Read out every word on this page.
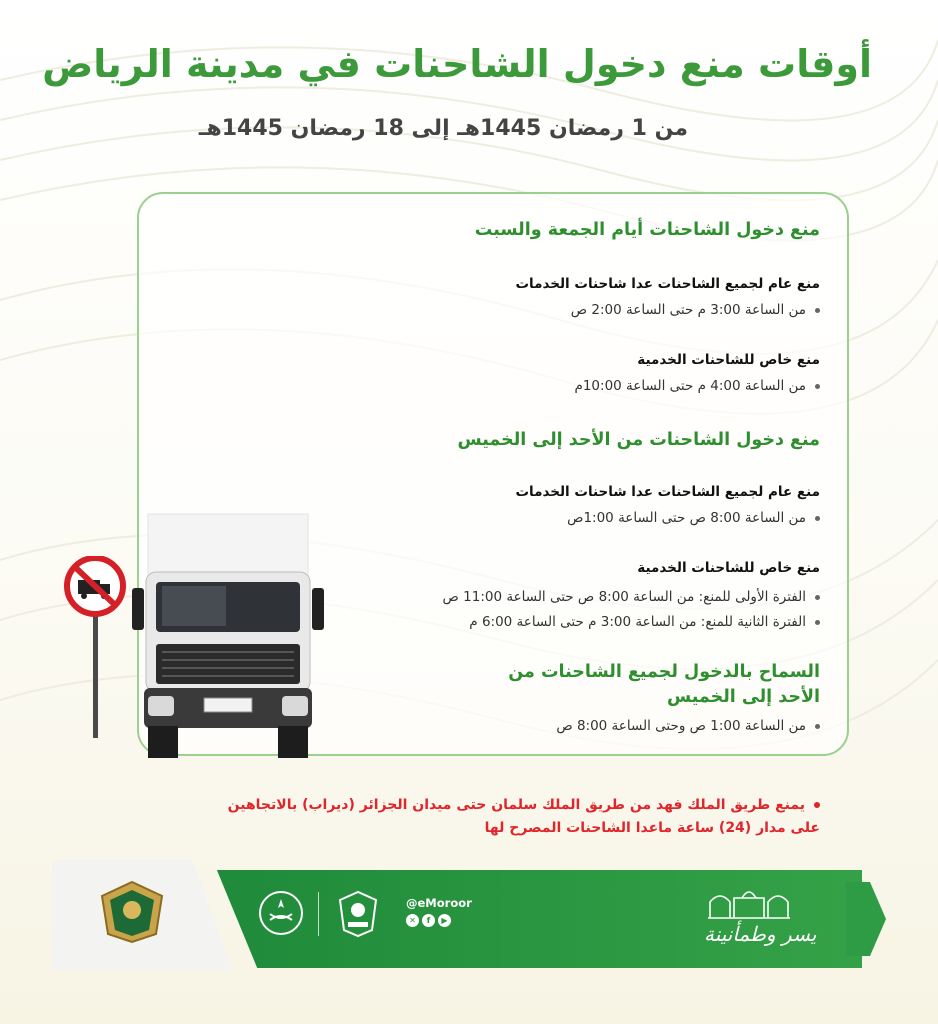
أوقات منع دخول الشاحنات في مدينة الرياض

من 1 رمضان 1445هـ إلى 18 رمضان 1445هـ

منع دخول الشاحنات أيام الجمعة والسبت

منع عام لجميع الشاحنات عدا شاحنات الخدمات

من الساعة 3:00 م حتى الساعة 2:00 ص

منع خاص للشاحنات الخدمية

من الساعة 4:00 م حتى الساعة 10:00م

منع دخول الشاحنات من الأحد إلى الخميس

منع عام لجميع الشاحنات عدا شاحنات الخدمات

من الساعة 8:00 ص حتى الساعة 1:00ص

منع خاص للشاحنات الخدمية

الفترة الأولى للمنع: من الساعة 8:00 ص حتى الساعة 11:00 ص

الفترة الثانية للمنع: من الساعة 3:00 م حتى الساعة 6:00 م

السماح بالدخول لجميع الشاحنات من
الأحد إلى الخميس

من الساعة 1:00 ص وحتى الساعة 8:00 ص

يمنع طريق الملك فهد من طريق الملك سلمان حتى ميدان الجزائر (ديراب) بالاتجاهين
على مدار (24) ساعة ماعدا الشاحنات المصرح لها

@eMoroor
✕	f	▶
يسر وطمأنينة
